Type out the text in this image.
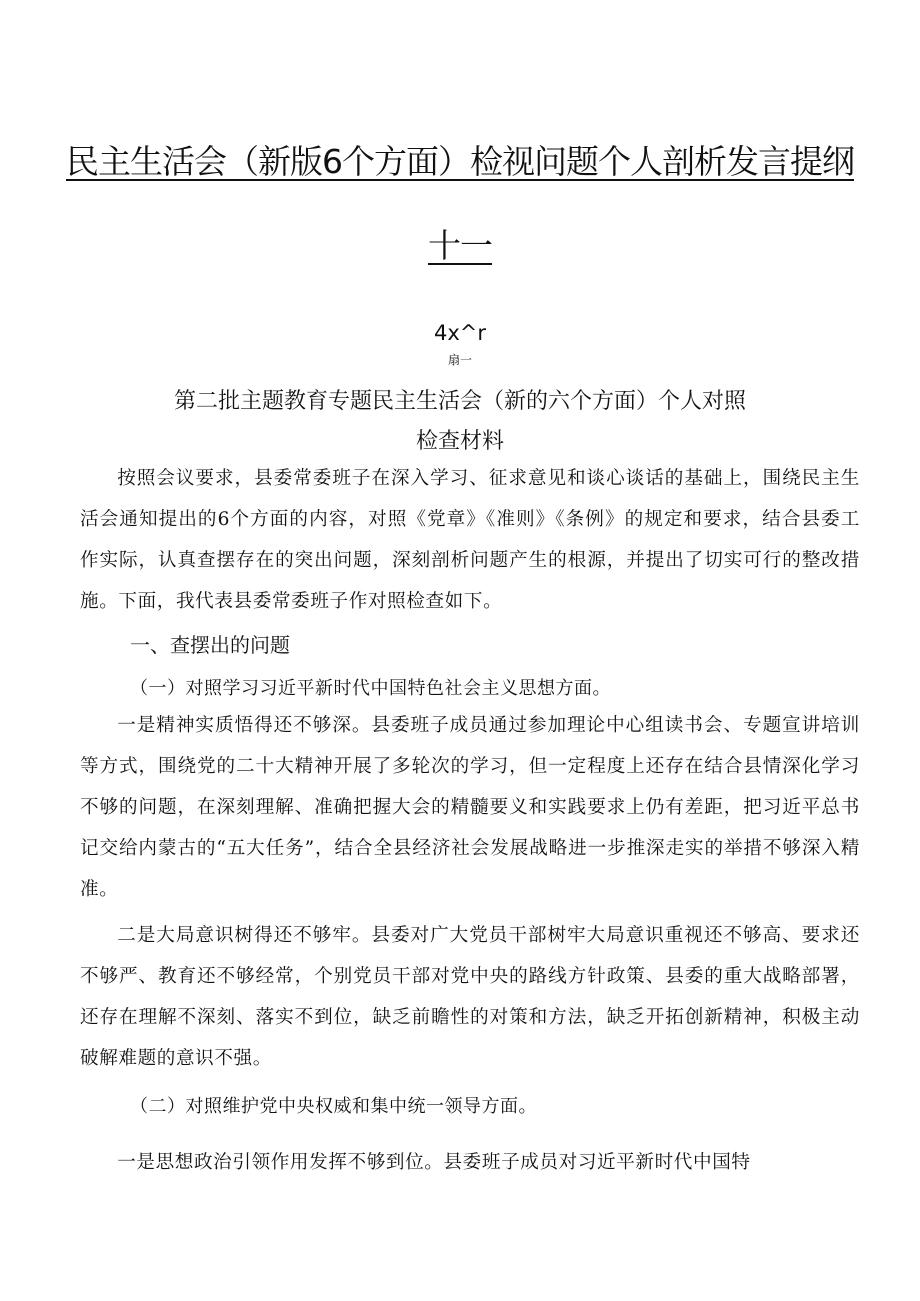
民主生活会（新版6个方面）检视问题个人剖析发言提纲
十一
4x^r
扇一
第二批主题教育专题民主生活会（新的六个方面）个人对照
检查材料

按照会议要求，县委常委班子在深入学习、征求意见和谈心谈话的基础上，围绕民主生活会通知提出的6个方面的内容，对照《党章》《准则》《条例》的规定和要求，结合县委工作实际，认真查摆存在的突出问题，深刻剖析问题产生的根源，并提出了切实可行的整改措施。下面，我代表县委常委班子作对照检查如下。

一、查摆出的问题
（一）对照学习习近平新时代中国特色社会主义思想方面。

一是精神实质悟得还不够深。县委班子成员通过参加理论中心组读书会、专题宣讲培训等方式，围绕党的二十大精神开展了多轮次的学习，但一定程度上还存在结合县情深化学习不够的问题，在深刻理解、准确把握大会的精髓要义和实践要求上仍有差距，把习近平总书记交给内蒙古的“五大任务”，结合全县经济社会发展战略进一步推深走实的举措不够深入精准。

二是大局意识树得还不够牢。县委对广大党员干部树牢大局意识重视还不够高、要求还不够严、教育还不够经常，个别党员干部对党中央的路线方针政策、县委的重大战略部署，还存在理解不深刻、落实不到位，缺乏前瞻性的对策和方法，缺乏开拓创新精神，积极主动破解难题的意识不强。

（二）对照维护党中央权威和集中统一领导方面。

一是思想政治引领作用发挥不够到位。县委班子成员对习近平新时代中国特
